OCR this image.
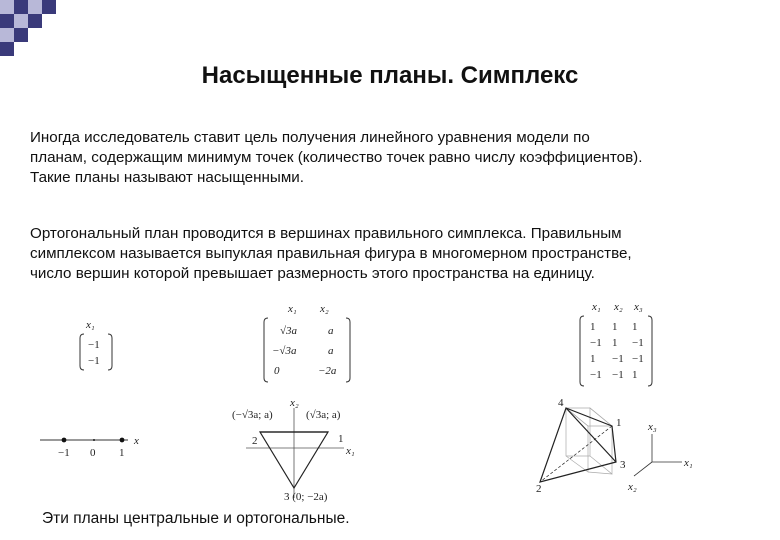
Насыщенные планы. Симплекс
Иногда исследователь ставит цель получения линейного уравнения модели по
планам, содержащим минимум точек (количество точек равно числу коэффициентов).
Такие планы называют насыщенными.
Ортогональный план проводится в вершинах правильного симплекса. Правильным
симплексом называется выпуклая правильная фигура в многомерном пространстве,
число вершин которой превышает размерность этого пространства на единицу.
x₁
−1
−1
x₁ x₂
√3a	a
−√3a	a
0	−2a
x₁ x₂ x₃
1 1 1
−1 1 −1
1 −1 −1
−1 −1 1
x
−1 0 1
x₂
(−√3a; a)	(√3a; a)
2	1
x₁
3 (0; −2a)
4
1
3
2
x₃
x₁
x₂
Эти планы центральные и ортогональные.
